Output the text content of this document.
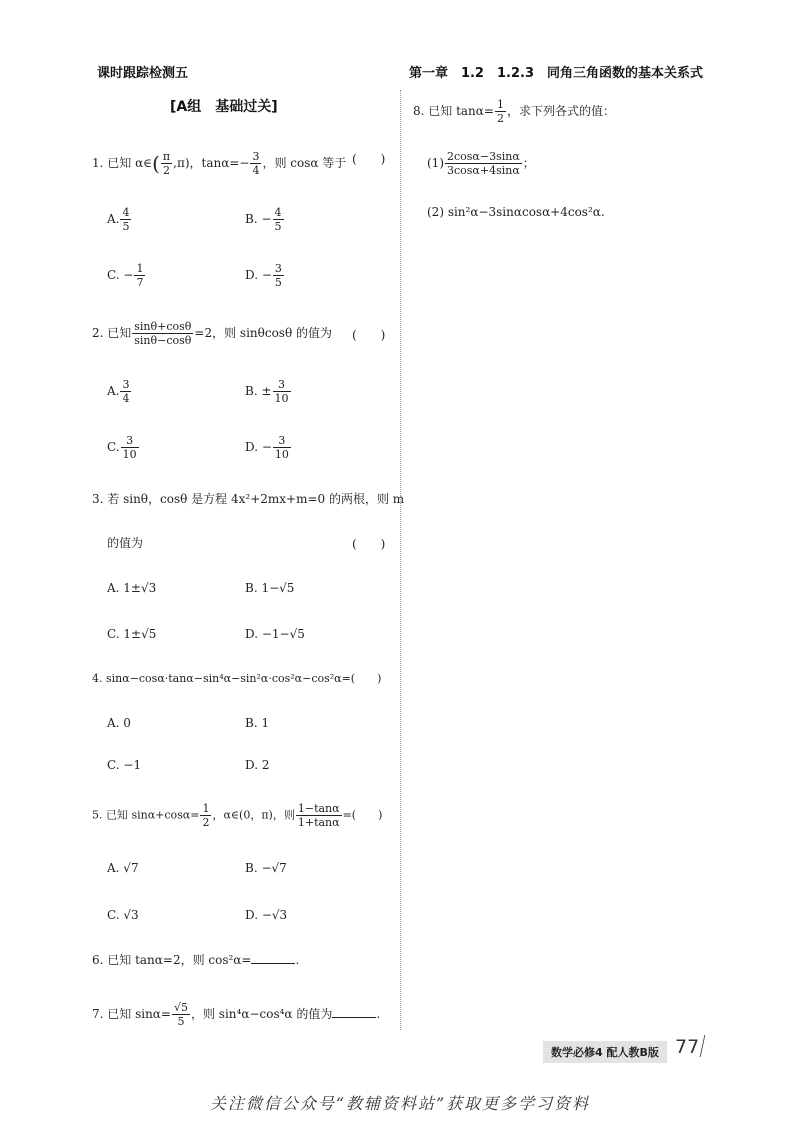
课时跟踪检测五	第一章　1.2　1.2.3　同角三角函数的基本关系式
[A组　基础过关]
1. 已知 α∈( $\frac{\pi}{2} ,\pi$)，$\tan\alpha=- \frac{3}{4}$ ，则 cosα 等于 (　　)
A. $\frac{4}{5}$	B. − $\frac{4}{5}$
C. − $\frac{1}{7}$	D. − $\frac{3}{5}$
2. 已知 $\frac{\sin\theta+\cos\theta}{\sin\theta-\cos\theta} =2$，则 sinθcosθ 的值为 (　　)
A. $\frac{3}{4}$	B. ± $\frac{3}{10}$
C. $\frac{3}{10}$	D. − $\frac{3}{10}$
3. 若 sinθ，cosθ 是方程 4x²+2mx+m=0 的两根，则 m
的值为	(　　)
A. 1±√3	B. 1−√5
C. 1±√5	D. −1−√5
4. sinα−cosα·tanα−sin⁴α−sin²α·cos²α−cos²α=(　　)
A. 0	B. 1
C. −1	D. 2
5. 已知 $\sin\alpha+\cos\alpha= \frac{1}{2}$ ，α∈(0，π)，则 $\frac{1-\tan\alpha}{1+\tan\alpha}$ =(　　)
A. √7	B. −√7
C. √3	D. −√3
6. 已知 tanα=2，则 cos²α=	.
7. 已知 $\sin\alpha= \frac{√5}{5}$ ，则 sin⁴α−cos⁴α 的值为	.
8. 已知 $\tan\alpha= \frac{1}{2}$ ，求下列各式的值：
$(1) \frac{2\cos\alpha-3\sin\alpha}{3\cos\alpha+4\sin\alpha}$ ；
(2) sin²α−3sinαcosα+4cos²α.
数学必修4 配人教B版 77
关注微信公众号“教辅资料站”获取更多学习资料
